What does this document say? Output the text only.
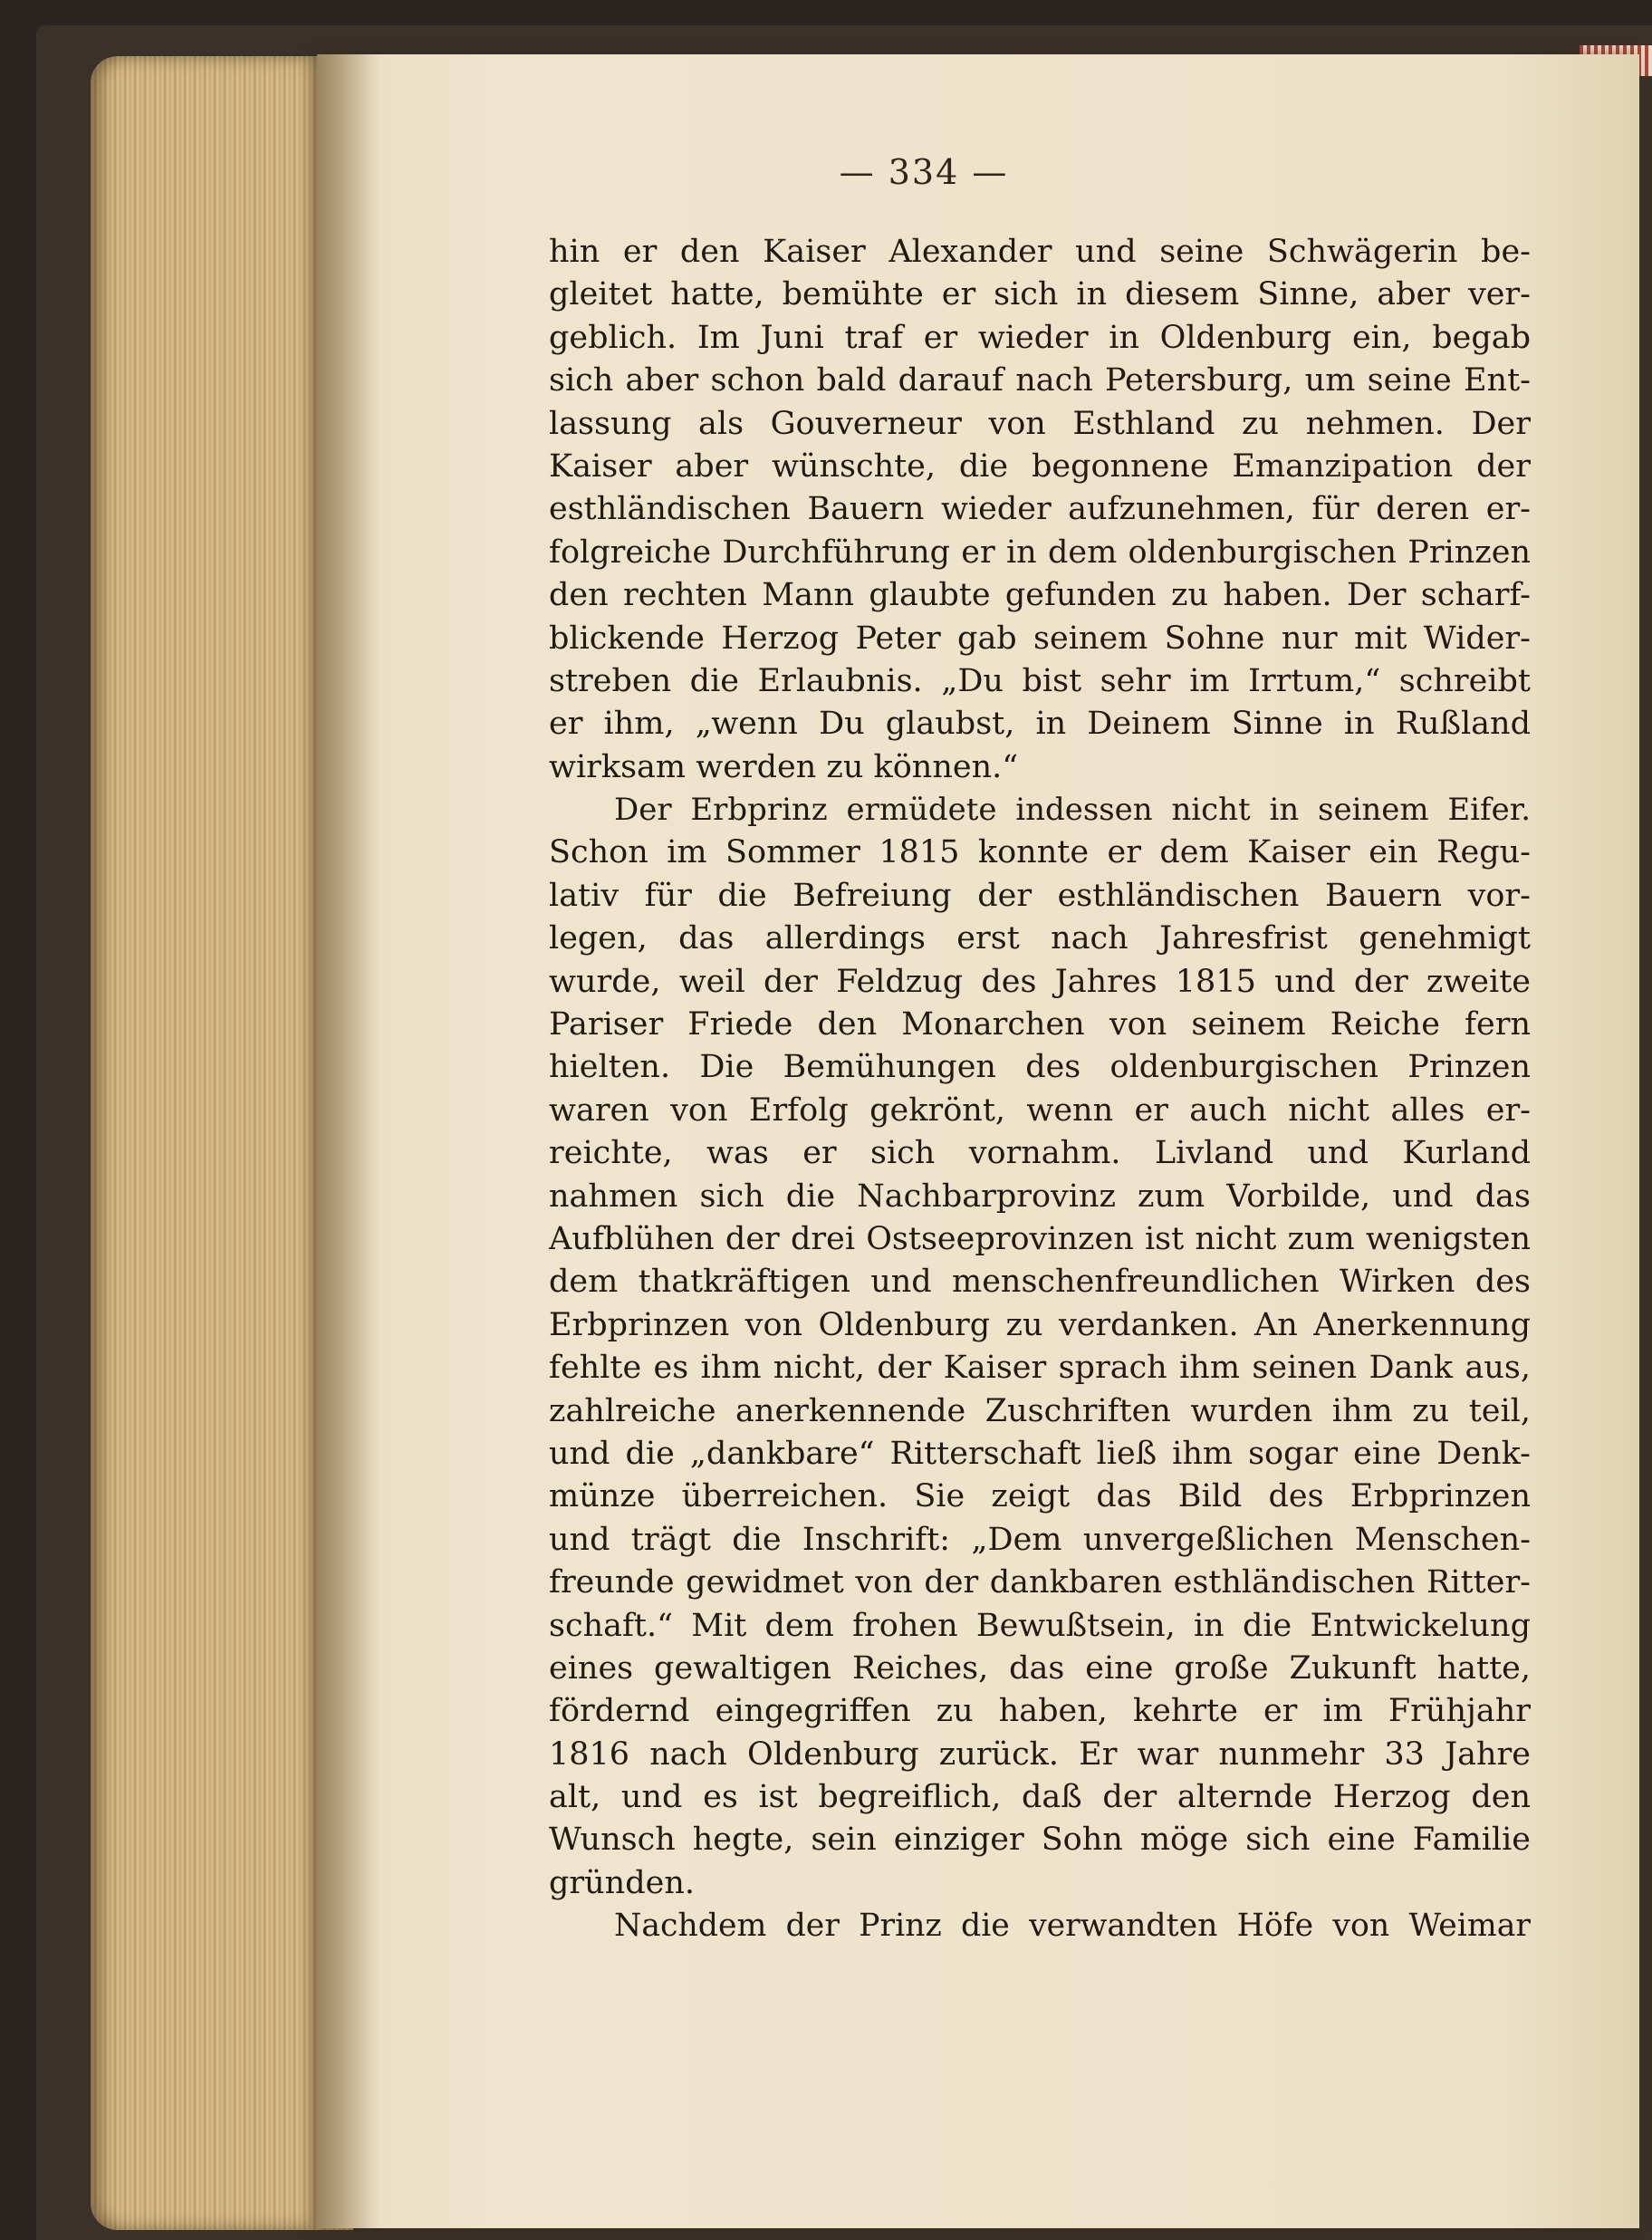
— 334 —
hin er den Kaiser Alexander und seine Schwägerin be-
gleitet hatte, bemühte er sich in diesem Sinne, aber ver-
geblich. Im Juni traf er wieder in Oldenburg ein, begab
sich aber schon bald darauf nach Petersburg, um seine Ent-
lassung als Gouverneur von Esthland zu nehmen. Der
Kaiser aber wünschte, die begonnene Emanzipation der
esthländischen Bauern wieder aufzunehmen, für deren er-
folgreiche Durchführung er in dem oldenburgischen Prinzen
den rechten Mann glaubte gefunden zu haben. Der scharf-
blickende Herzog Peter gab seinem Sohne nur mit Wider-
streben die Erlaubnis. „Du bist sehr im Irrtum,“ schreibt
er ihm, „wenn Du glaubst, in Deinem Sinne in Rußland
wirksam werden zu können.“
Der Erbprinz ermüdete indessen nicht in seinem Eifer.
Schon im Sommer 1815 konnte er dem Kaiser ein Regu-
lativ für die Befreiung der esthländischen Bauern vor-
legen, das allerdings erst nach Jahresfrist genehmigt
wurde, weil der Feldzug des Jahres 1815 und der zweite
Pariser Friede den Monarchen von seinem Reiche fern
hielten. Die Bemühungen des oldenburgischen Prinzen
waren von Erfolg gekrönt, wenn er auch nicht alles er-
reichte, was er sich vornahm. Livland und Kurland
nahmen sich die Nachbarprovinz zum Vorbilde, und das
Aufblühen der drei Ostseeprovinzen ist nicht zum wenigsten
dem thatkräftigen und menschenfreundlichen Wirken des
Erbprinzen von Oldenburg zu verdanken. An Anerkennung
fehlte es ihm nicht, der Kaiser sprach ihm seinen Dank aus,
zahlreiche anerkennende Zuschriften wurden ihm zu teil,
und die „dankbare“ Ritterschaft ließ ihm sogar eine Denk-
münze überreichen. Sie zeigt das Bild des Erbprinzen
und trägt die Inschrift: „Dem unvergeßlichen Menschen-
freunde gewidmet von der dankbaren esthländischen Ritter-
schaft.“ Mit dem frohen Bewußtsein, in die Entwickelung
eines gewaltigen Reiches, das eine große Zukunft hatte,
fördernd eingegriffen zu haben, kehrte er im Frühjahr
1816 nach Oldenburg zurück. Er war nunmehr 33 Jahre
alt, und es ist begreiflich, daß der alternde Herzog den
Wunsch hegte, sein einziger Sohn möge sich eine Familie
gründen.
Nachdem der Prinz die verwandten Höfe von Weimar
